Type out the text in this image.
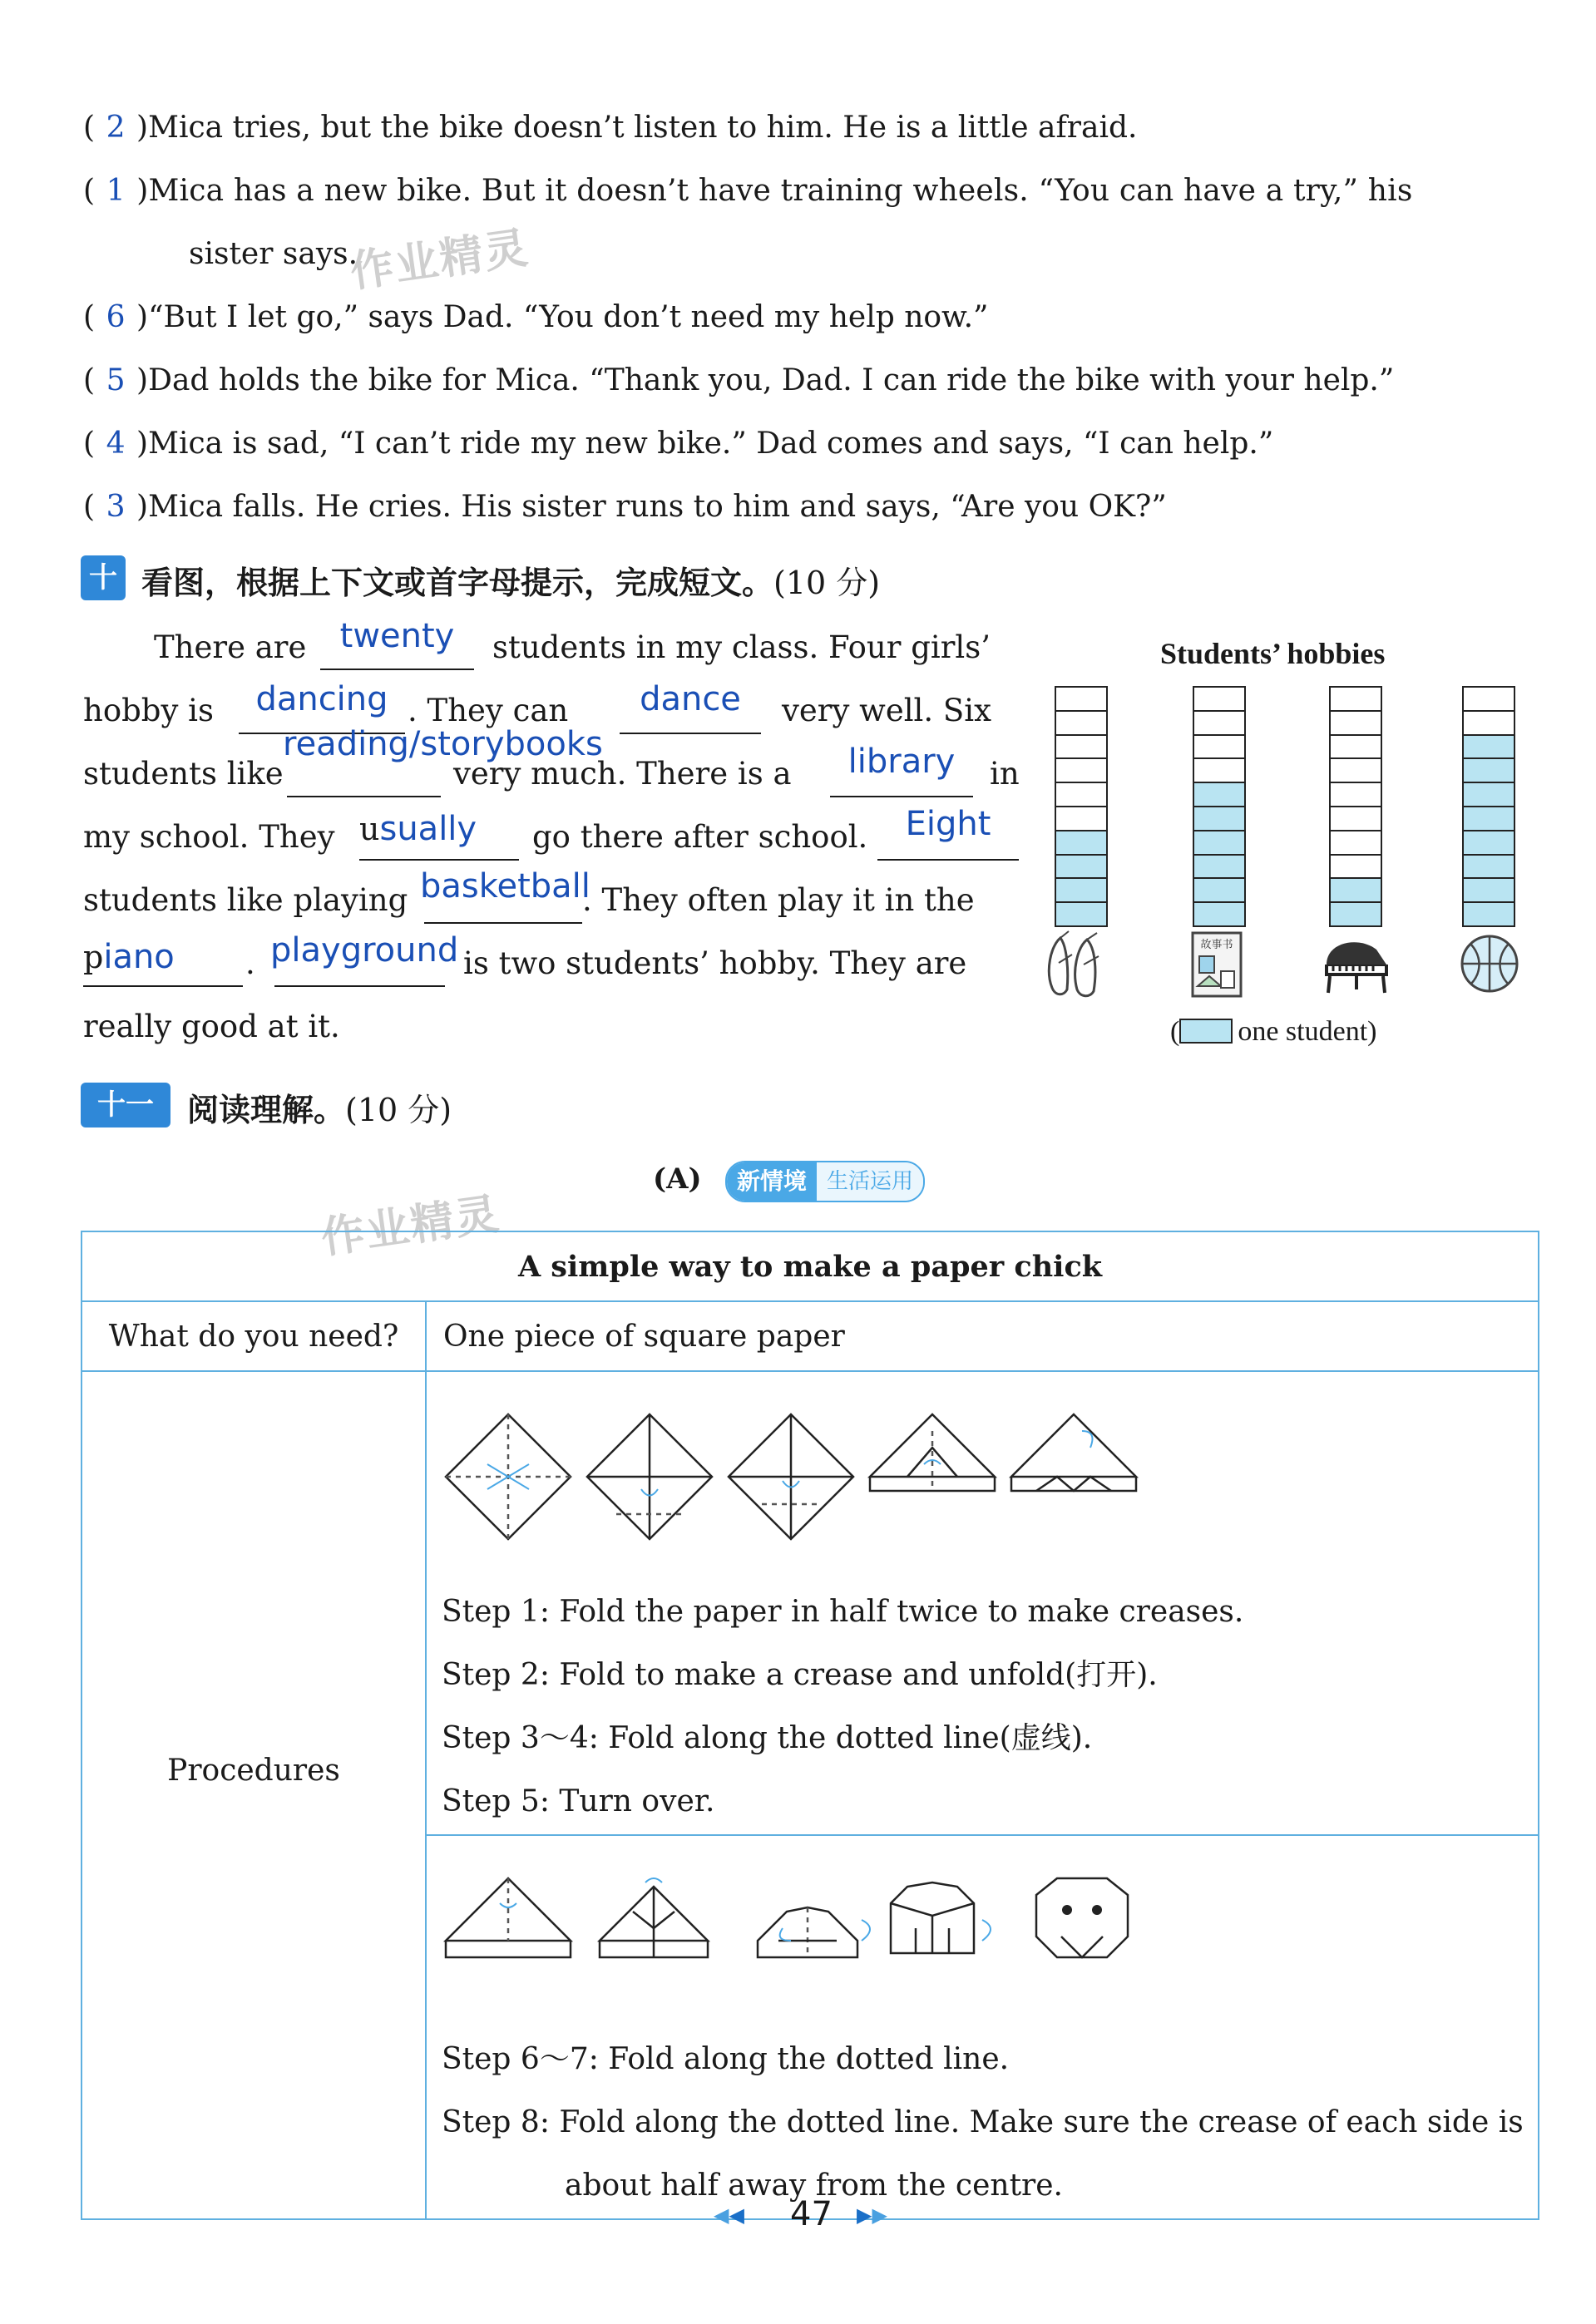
( 2 )Mica tries, but the bike doesn’t listen to him. He is a little afraid.
( 1 )Mica has a new bike. But it doesn’t have training wheels. “You can have a try,” his
sister says.
( 6 )“But I let go,” says Dad. “You don’t need my help now.”
( 5 )Dad holds the bike for Mica. “Thank you, Dad. I can ride the bike with your help.”
( 4 )Mica is sad, “I can’t ride my new bike.” Dad comes and says, “I can help.”
( 3 )Mica falls. He cries. His sister runs to him and says, “Are you OK?”
作业精灵
十 看图，根据上下文或首字母提示，完成短文。(10 分)
There are	twenty	students in my class. Four girls’
hobby is	dancing . They can	dance	very well. Six
students like
reading/storybooks
very much. There is a	library	in
my school. They usually go there after school.	Eight
students like playing basketball
. They often play it in the
piano . playground is two students’ hobby. They are
really good at it.
Students’ hobbies
故事书
( one student)
十一	阅读理解。(10 分)
(A)	新情境 生活运用
作业精灵
A simple way to make a paper chick	
What do you need?	One piece of square paper
Procedures	Step 1: Fold the paper in half twice to make creases.
Step 2: Fold to make a crease and unfold(打开).
Step 3～4: Fold along the dotted line(虚线).
Step 5: Turn over.

	Step 6～7: Fold along the dotted line.
Step 8: Fold along the dotted line. Make sure the crease of each side is
about half away from the centre.
◀◀ 47 ▶▶
